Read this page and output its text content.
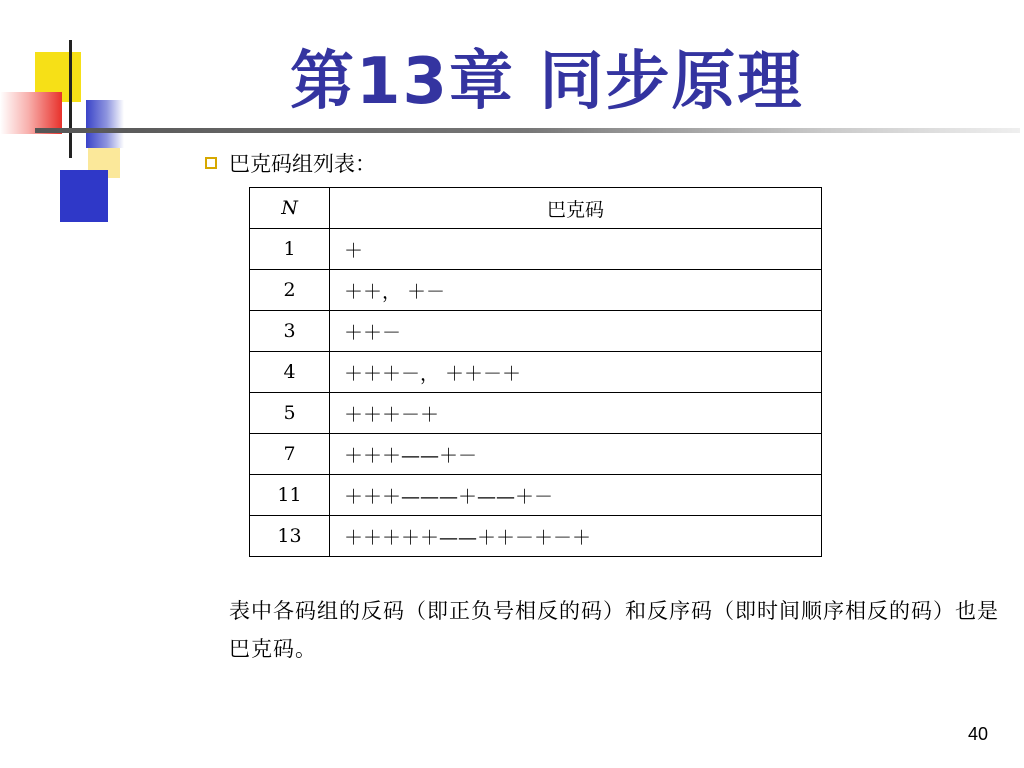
第13章 同步原理
巴克码组列表：
N	巴克码
1	＋
2	＋＋， ＋－
3	＋＋－
4	＋＋＋－， ＋＋－＋
5	＋＋＋－＋
7	＋＋＋——＋－
11	＋＋＋———＋——＋－
13	＋＋＋＋＋——＋＋－＋－＋
表中各码组的反码（即正负号相反的码）和反序码（即时间顺序相反的码）也是巴克码。
40
